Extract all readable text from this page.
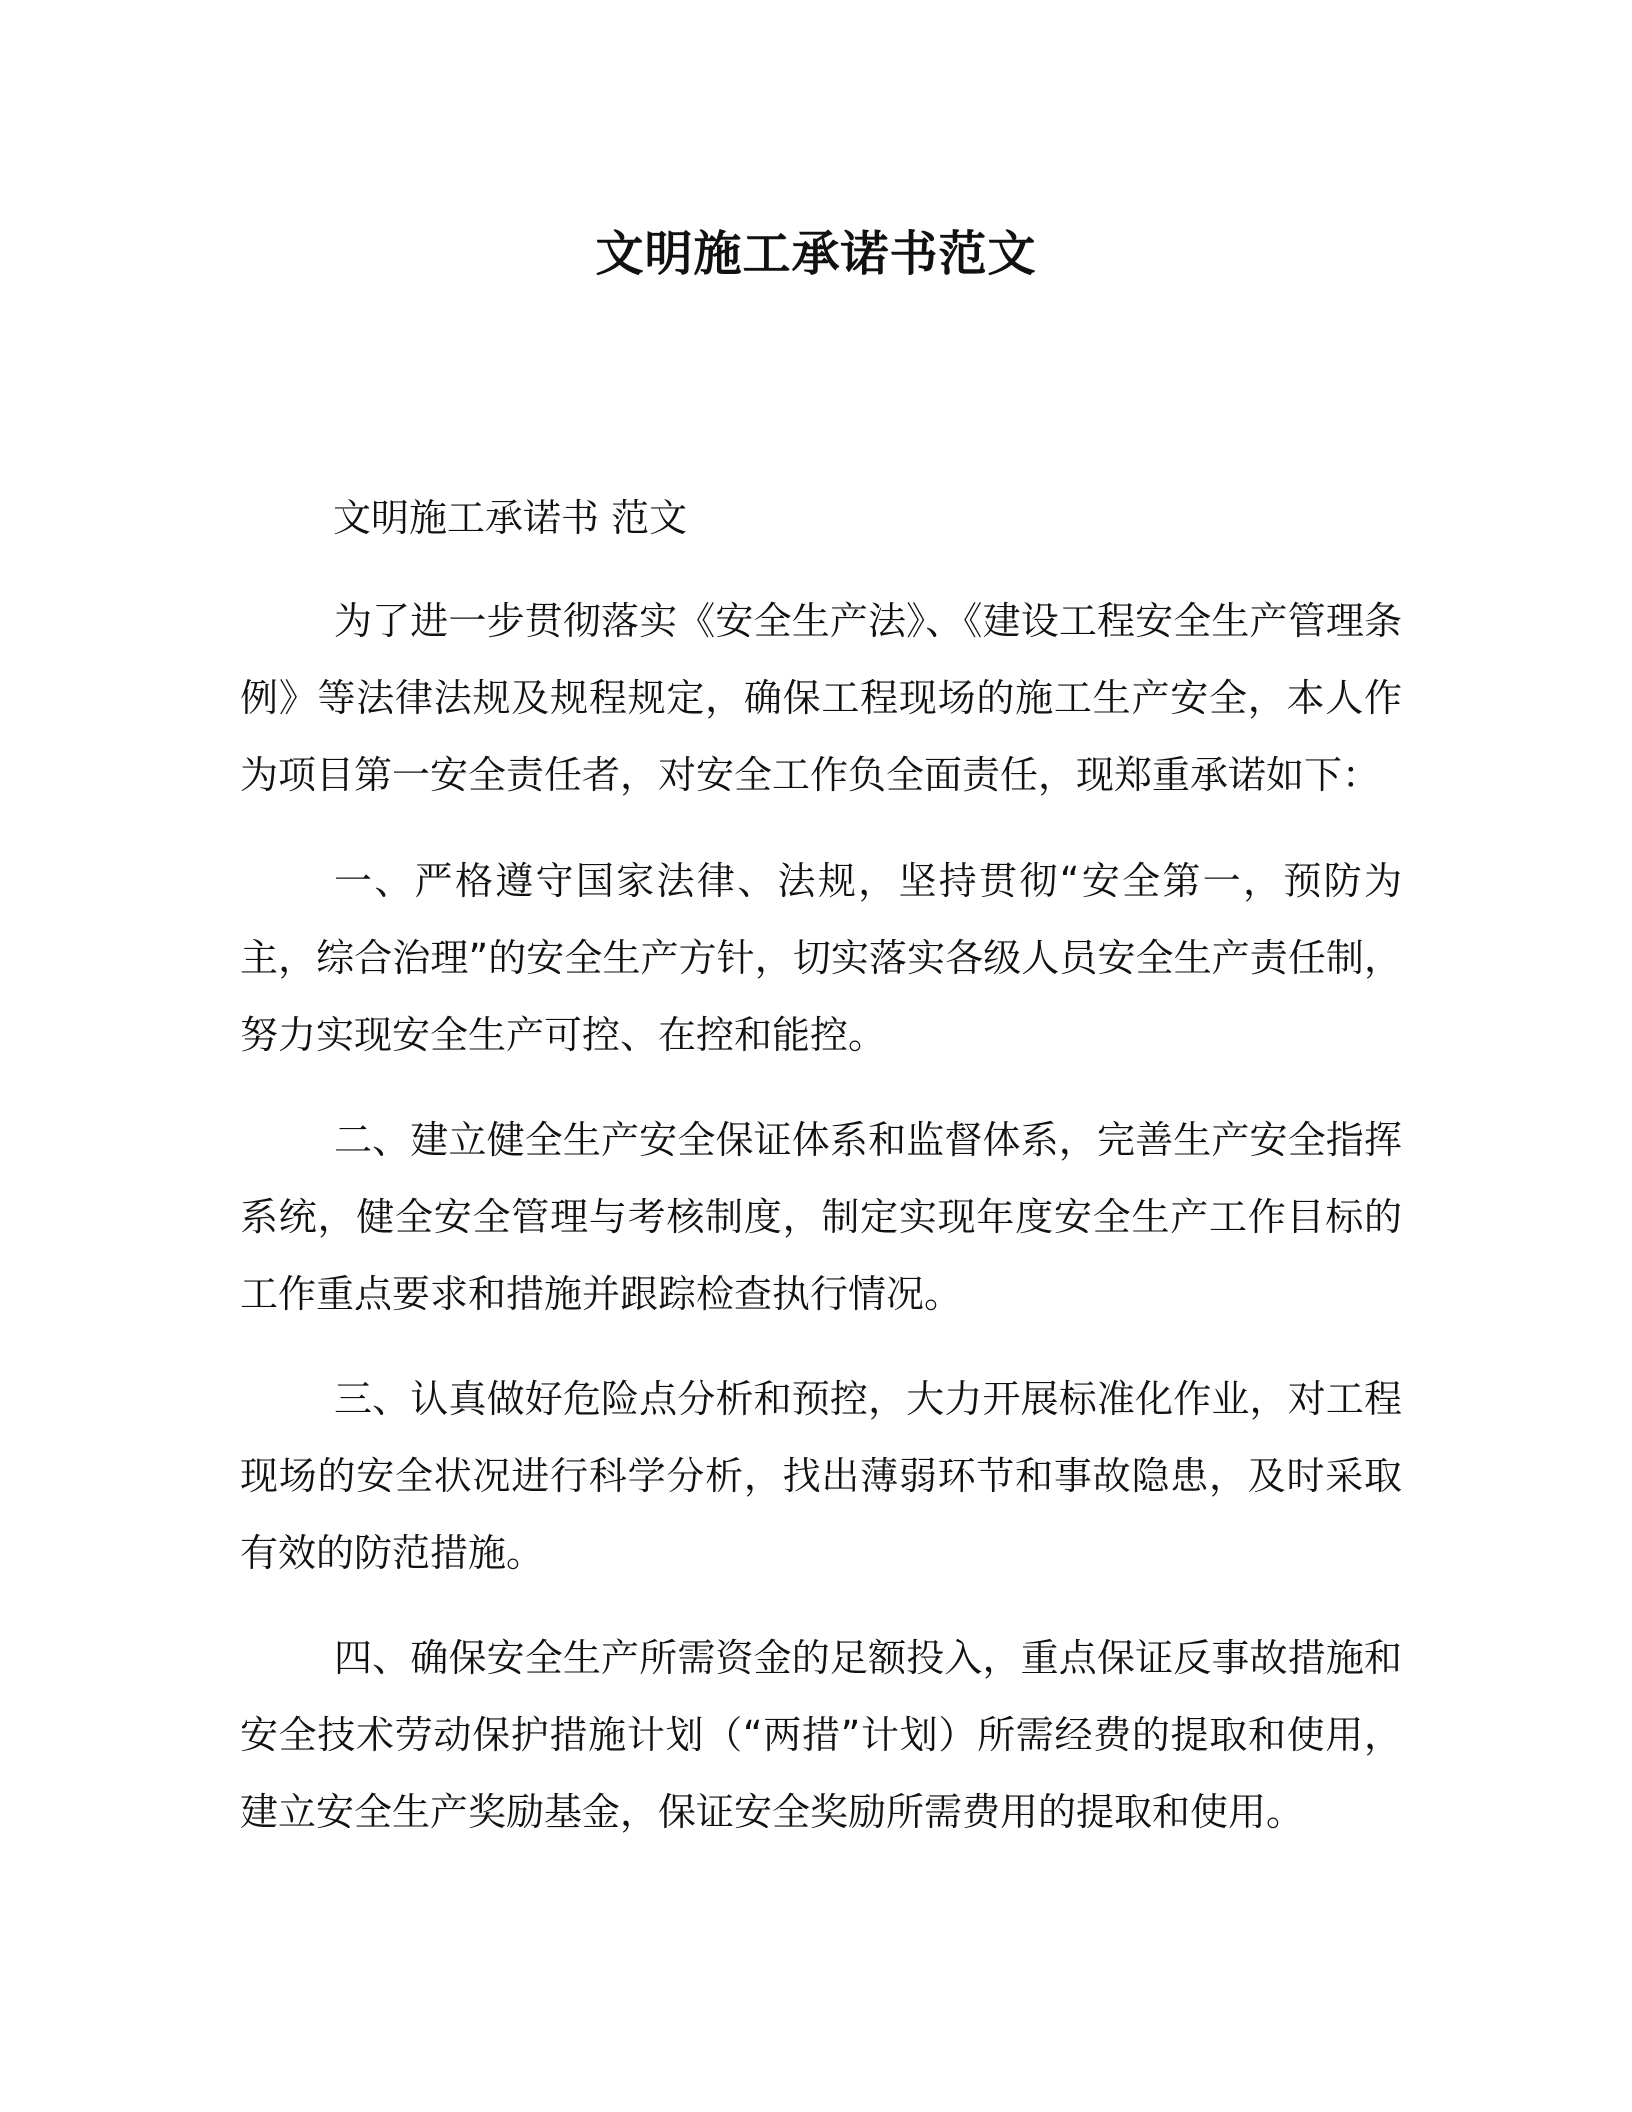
文明施工承诺书范文

文明施工承诺书 范文

为了进一步贯彻落实《安全生产法》、《建设工程安全生产管理条例》等法律法规及规程规定，确保工程现场的施工生产安全，本人作为项目第一安全责任者，对安全工作负全面责任，现郑重承诺如下：

一、严格遵守国家法律、法规，坚持贯彻“安全第一，预防为主，综合治理”的安全生产方针，切实落实各级人员安全生产责任制，努力实现安全生产可控、在控和能控。

二、建立健全生产安全保证体系和监督体系，完善生产安全指挥系统，健全安全管理与考核制度，制定实现年度安全生产工作目标的工作重点要求和措施并跟踪检查执行情况。

三、认真做好危险点分析和预控，大力开展标准化作业，对工程现场的安全状况进行科学分析，找出薄弱环节和事故隐患，及时采取有效的防范措施。

四、确保安全生产所需资金的足额投入，重点保证反事故措施和安全技术劳动保护措施计划（“两措”计划）所需经费的提取和使用，建立安全生产奖励基金，保证安全奖励所需费用的提取和使用。
